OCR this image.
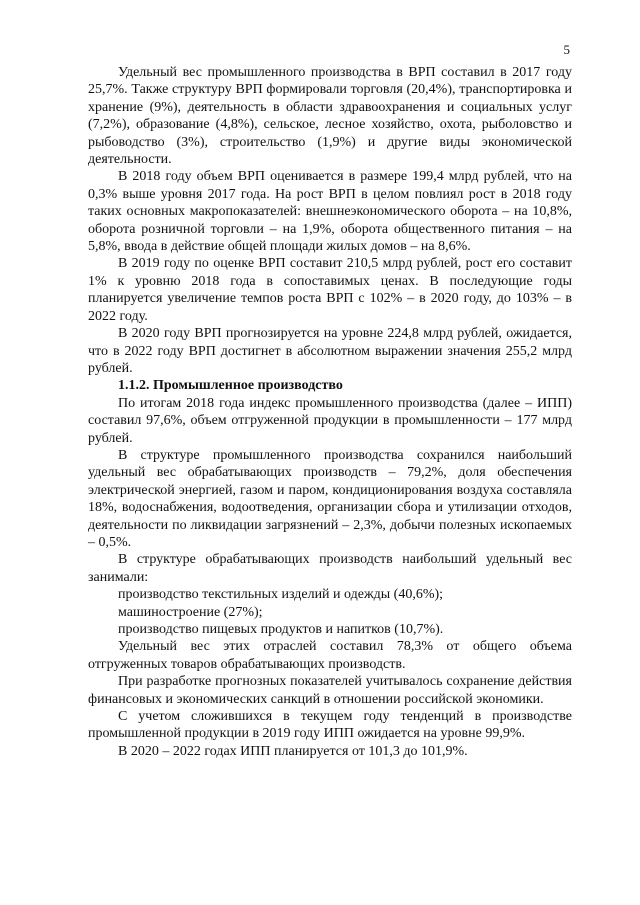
5

Удельный вес промышленного производства в ВРП составил в 2017 году 25,7%. Также структуру ВРП формировали торговля (20,4%), транспортировка и хранение (9%), деятельность в области здравоохранения и социальных услуг (7,2%), образование (4,8%), сельское, лесное хозяйство, охота, рыболовство и рыбоводство (3%), строительство (1,9%) и другие виды экономической деятельности.

В 2018 году объем ВРП оценивается в размере 199,4 млрд рублей, что на 0,3% выше уровня 2017 года. На рост ВРП в целом повлиял рост в 2018 году таких основных макропоказателей: внешнеэкономического оборота – на 10,8%, оборота розничной торговли – на 1,9%, оборота общественного питания – на 5,8%, ввода в действие общей площади жилых домов – на 8,6%.

В 2019 году по оценке ВРП составит 210,5 млрд рублей, рост его составит 1% к уровню 2018 года в сопоставимых ценах. В последующие годы планируется увеличение темпов роста ВРП с 102% – в 2020 году, до 103% – в 2022 году.

В 2020 году ВРП прогнозируется на уровне 224,8 млрд рублей, ожидается, что в 2022 году ВРП достигнет в абсолютном выражении значения 255,2 млрд рублей.

1.1.2. Промышленное производство

По итогам 2018 года индекс промышленного производства (далее – ИПП) составил 97,6%, объем отгруженной продукции в промышленности – 177 млрд рублей.

В структуре промышленного производства сохранился наибольший удельный вес обрабатывающих производств – 79,2%, доля обеспечения электрической энергией, газом и паром, кондиционирования воздуха составляла 18%, водоснабжения, водоотведения, организации сбора и утилизации отходов, деятельности по ликвидации загрязнений – 2,3%, добычи полезных ископаемых – 0,5%.

В структуре обрабатывающих производств наибольший удельный вес занимали:

производство текстильных изделий и одежды (40,6%);

машиностроение (27%);

производство пищевых продуктов и напитков (10,7%).

Удельный вес этих отраслей составил 78,3% от общего объема отгруженных товаров обрабатывающих производств.

При разработке прогнозных показателей учитывалось сохранение действия финансовых и экономических санкций в отношении российской экономики.

С учетом сложившихся в текущем году тенденций в производстве промышленной продукции в 2019 году ИПП ожидается на уровне 99,9%.

В 2020 – 2022 годах ИПП планируется от 101,3 до 101,9%.
